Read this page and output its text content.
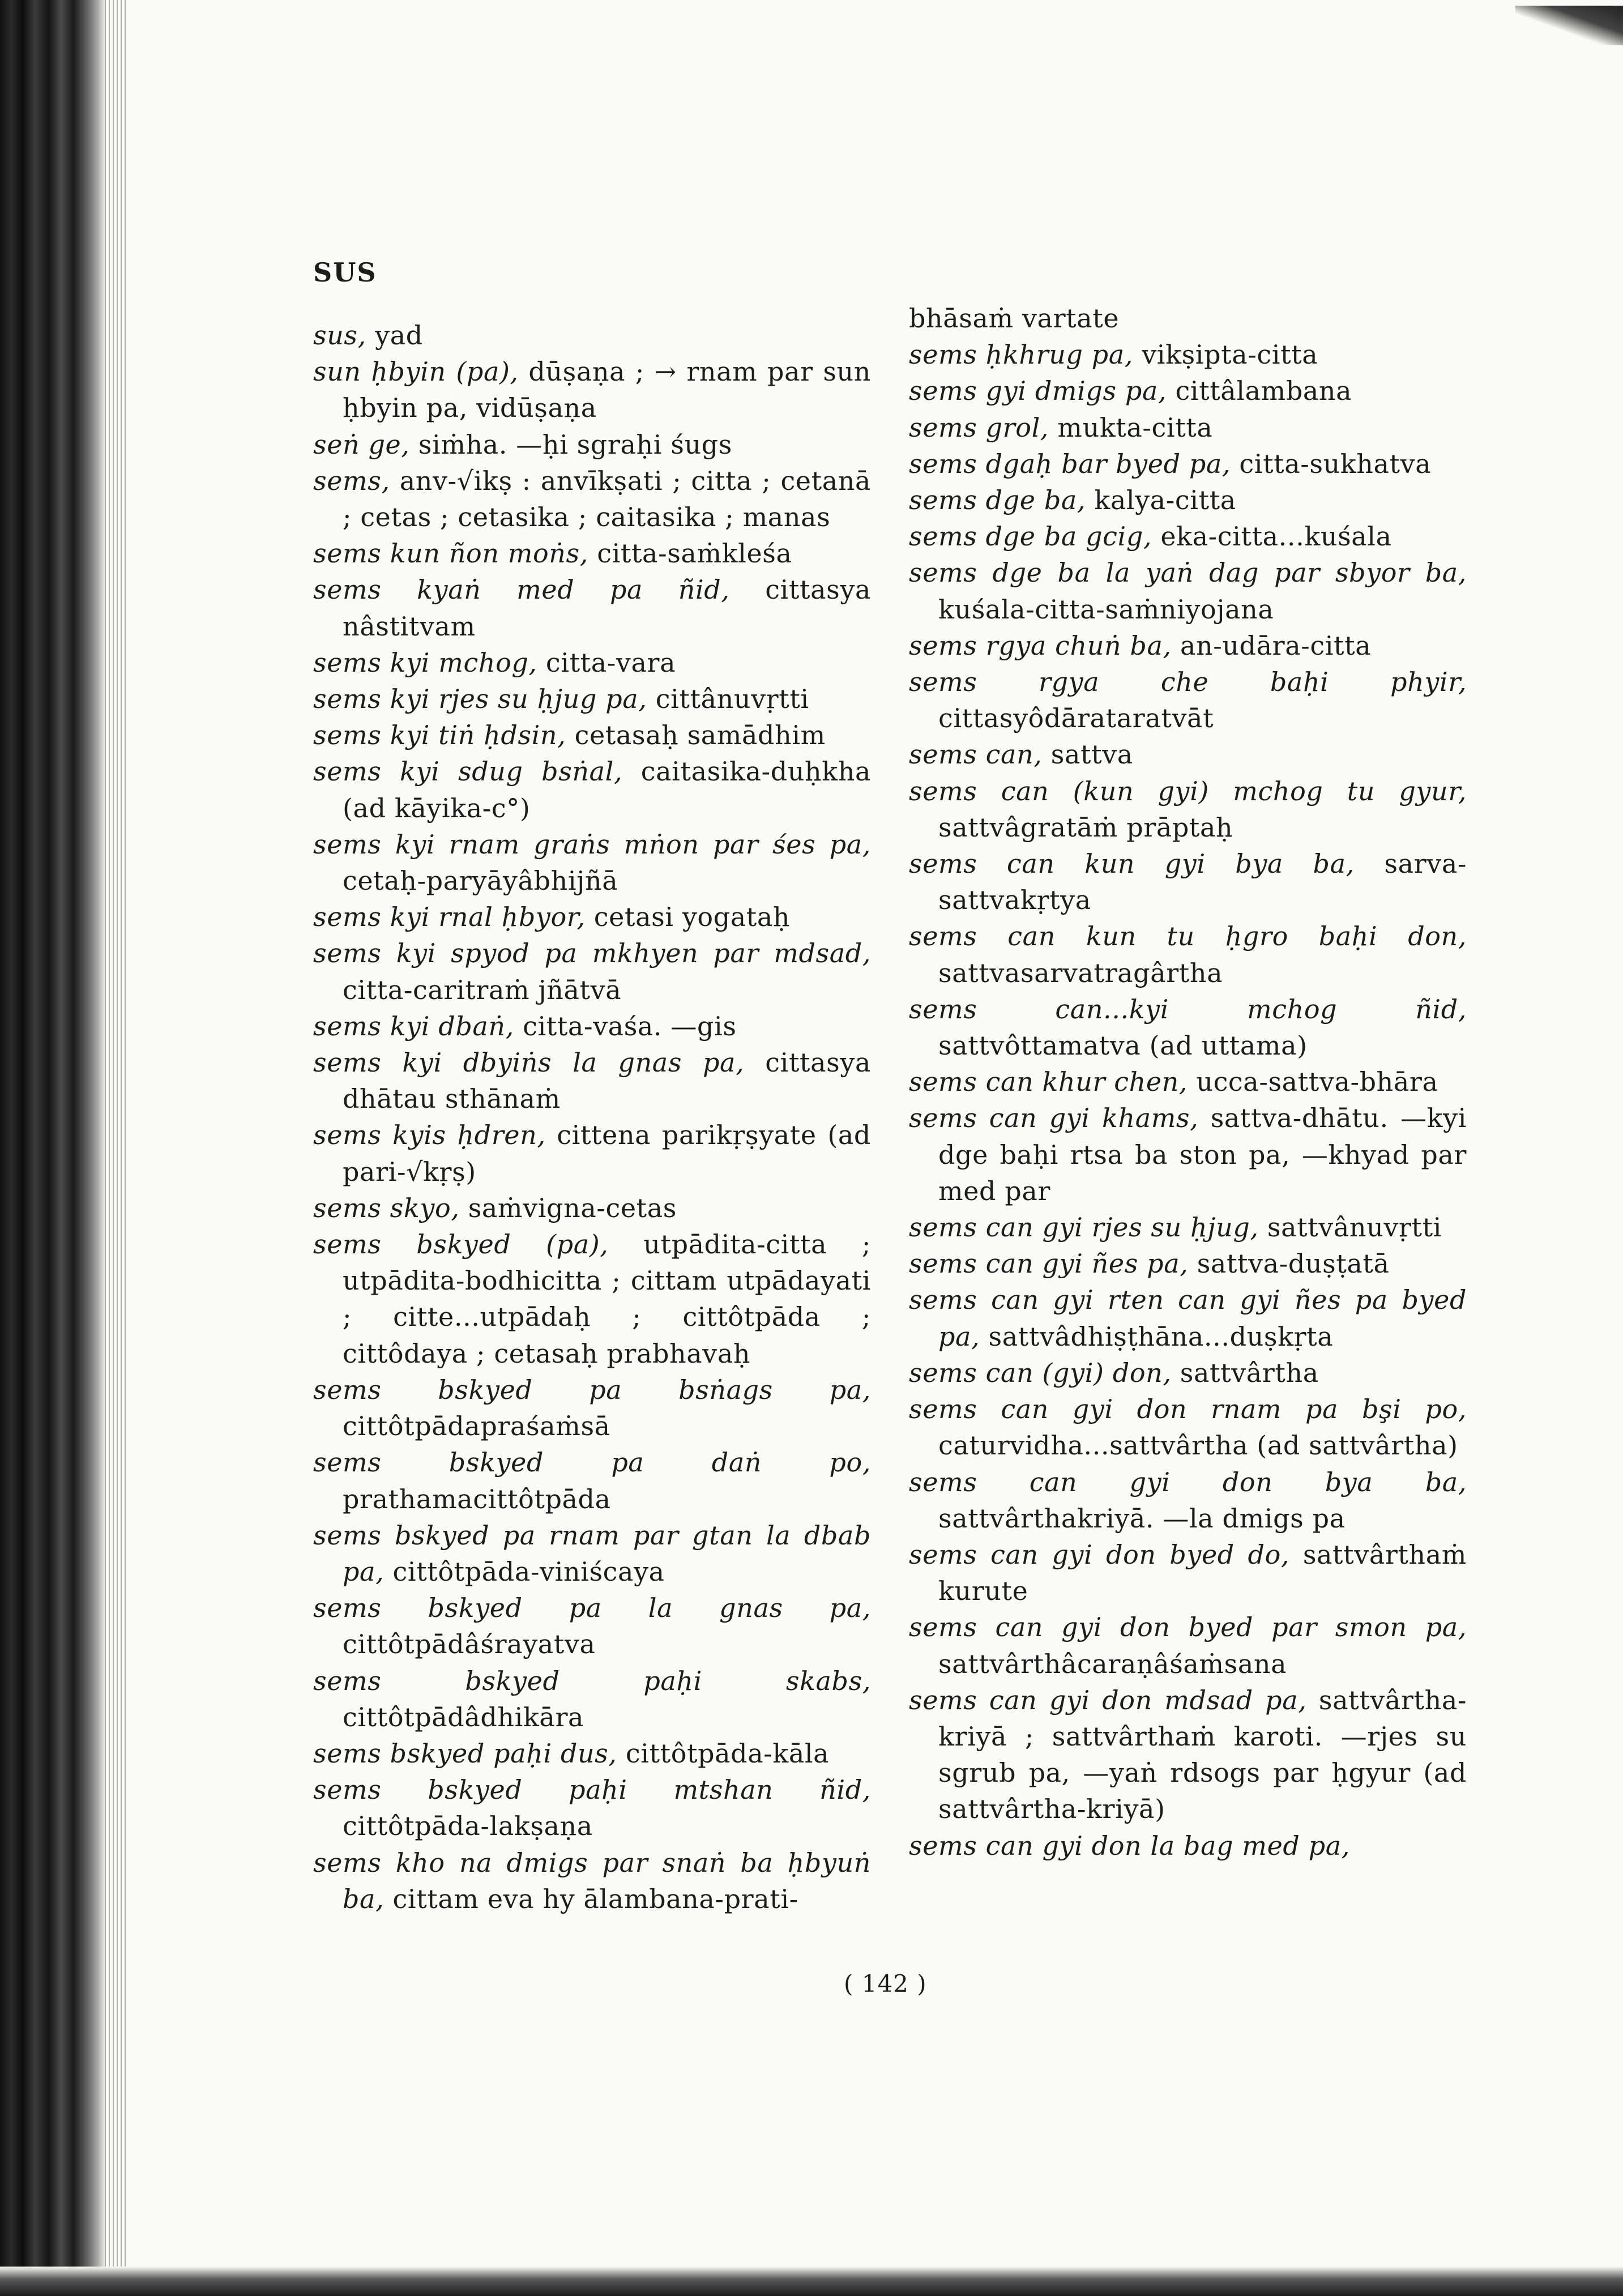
SUS

sus, yad

sun ḥbyin (pa), dūṣaṇa ; → rnam par sun ḥbyin pa, vidūṣaṇa

seṅ ge, siṁha. —ḥi sgraḥi śugs

sems, anv-√ikṣ : anvīkṣati ; citta ; cetanā ; cetas ; cetasika ; caitasika ; manas

sems kun ñon moṅs, citta-saṁkleśa

sems kyaṅ med pa ñid, cittasya nâstitvam

sems kyi mchog, citta-vara

sems kyi rjes su ḥjug pa, cittânuvṛtti

sems kyi tiṅ ḥdsin, cetasaḥ samādhim

sems kyi sdug bsṅal, caitasika-duḥkha (ad kāyika-c°)

sems kyi rnam graṅs mṅon par śes pa, cetaḥ-paryāyâbhijñā

sems kyi rnal ḥbyor, cetasi yogataḥ

sems kyi spyod pa mkhyen par mdsad, citta-caritraṁ jñātvā

sems kyi dbaṅ, citta-vaśa. —gis

sems kyi dbyiṅs la gnas pa, cittasya dhātau sthānaṁ

sems kyis ḥdren, cittena parikṛṣyate (ad pari-√kṛṣ)

sems skyo, saṁvigna-cetas

sems bskyed (pa), utpādita-citta ; utpādita-bodhicitta ; cittam utpādayati ; citte...utpādaḥ ; cittôtpāda ; cittôdaya ; cetasaḥ prabhavaḥ

sems bskyed pa bsṅags pa, cittôtpādapraśaṁsā

sems bskyed pa daṅ po, prathamacittôtpāda

sems bskyed pa rnam par gtan la dbab pa, cittôtpāda-viniścaya

sems bskyed pa la gnas pa, cittôtpādâśrayatva

sems bskyed paḥi skabs, cittôtpādâdhikāra

sems bskyed paḥi dus, cittôtpāda-kāla

sems bskyed paḥi mtshan ñid, cittôtpāda-lakṣaṇa

sems kho na dmigs par snaṅ ba ḥbyuṅ ba, cittam eva hy ālambana-prati-

bhāsaṁ vartate

sems ḥkhrug pa, vikṣipta-citta

sems gyi dmigs pa, cittâlambana

sems grol, mukta-citta

sems dgaḥ bar byed pa, citta-sukhatva

sems dge ba, kalya-citta

sems dge ba gcig, eka-citta...kuśala

sems dge ba la yaṅ dag par sbyor ba, kuśala-citta-saṁniyojana

sems rgya chuṅ ba, an-udāra-citta

sems rgya che baḥi phyir, cittasyôdārataratvāt

sems can, sattva

sems can (kun gyi) mchog tu gyur, sattvâgratāṁ prāptaḥ

sems can kun gyi bya ba, sarva-sattvakṛtya

sems can kun tu ḥgro baḥi don, sattvasarvatragârtha

sems can...kyi mchog ñid, sattvôttamatva (ad uttama)

sems can khur chen, ucca-sattva-bhāra

sems can gyi khams, sattva-dhātu. —kyi dge baḥi rtsa ba ston pa, —khyad par med par

sems can gyi rjes su ḥjug, sattvânuvṛtti

sems can gyi ñes pa, sattva-duṣṭatā

sems can gyi rten can gyi ñes pa byed pa, sattvâdhiṣṭhāna...duṣkṛta

sems can (gyi) don, sattvârtha

sems can gyi don rnam pa bşi po, caturvidha...sattvârtha (ad sattvârtha)

sems can gyi don bya ba, sattvârthakriyā. —la dmigs pa

sems can gyi don byed do, sattvârthaṁ kurute

sems can gyi don byed par smon pa, sattvârthâcaraṇâśaṁsana

sems can gyi don mdsad pa, sattvârtha-kriyā ; sattvârthaṁ karoti. —rjes su sgrub pa, —yaṅ rdsogs par ḥgyur (ad sattvârtha-kriyā)

sems can gyi don la bag med pa,

( 142 )
